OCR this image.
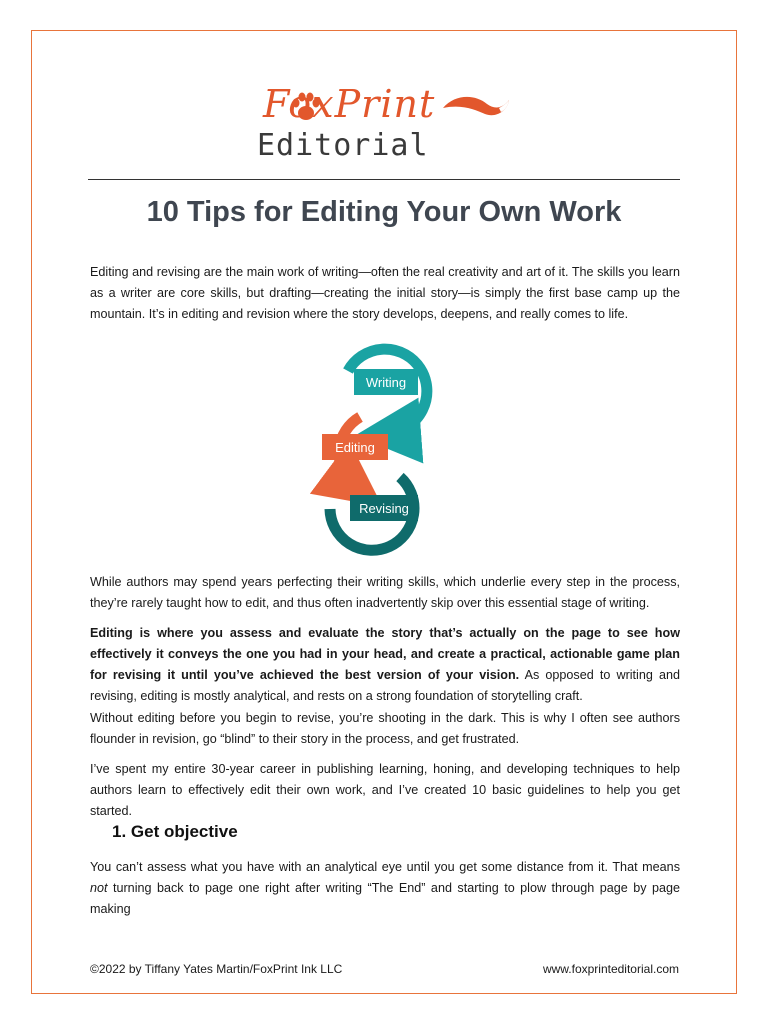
FoxPrint
Editorial
10 Tips for Editing Your Own Work

Editing and revising are the main work of writing—often the real creativity and art of it. The skills you learn as a writer are core skills, but drafting—creating the initial story—is simply the first base camp up the mountain. It’s in editing and revision where the story develops, deepens, and really comes to life.

Writing
Editing
Revising

While authors may spend years perfecting their writing skills, which underlie every step in the process, they’re rarely taught how to edit, and thus often inadvertently skip over this essential stage of writing.

Editing is where you assess and evaluate the story that’s actually on the page to see how effectively it conveys the one you had in your head, and create a practical, actionable game plan for revising it until you’ve achieved the best version of your vision. As opposed to writing and revising, editing is mostly analytical, and rests on a strong foundation of storytelling craft.

Without editing before you begin to revise, you’re shooting in the dark. This is why I often see authors flounder in revision, go “blind” to their story in the process, and get frustrated.

I’ve spent my entire 30-year career in publishing learning, honing, and developing techniques to help authors learn to effectively edit their own work, and I’ve created 10 basic guidelines to help you get started.

1. Get objective

You can’t assess what you have with an analytical eye until you get some distance from it. That means not turning back to page one right after writing “The End” and starting to plow through page by page making

©2022 by Tiffany Yates Martin/FoxPrint Ink LLC	www.foxprinteditorial.com
